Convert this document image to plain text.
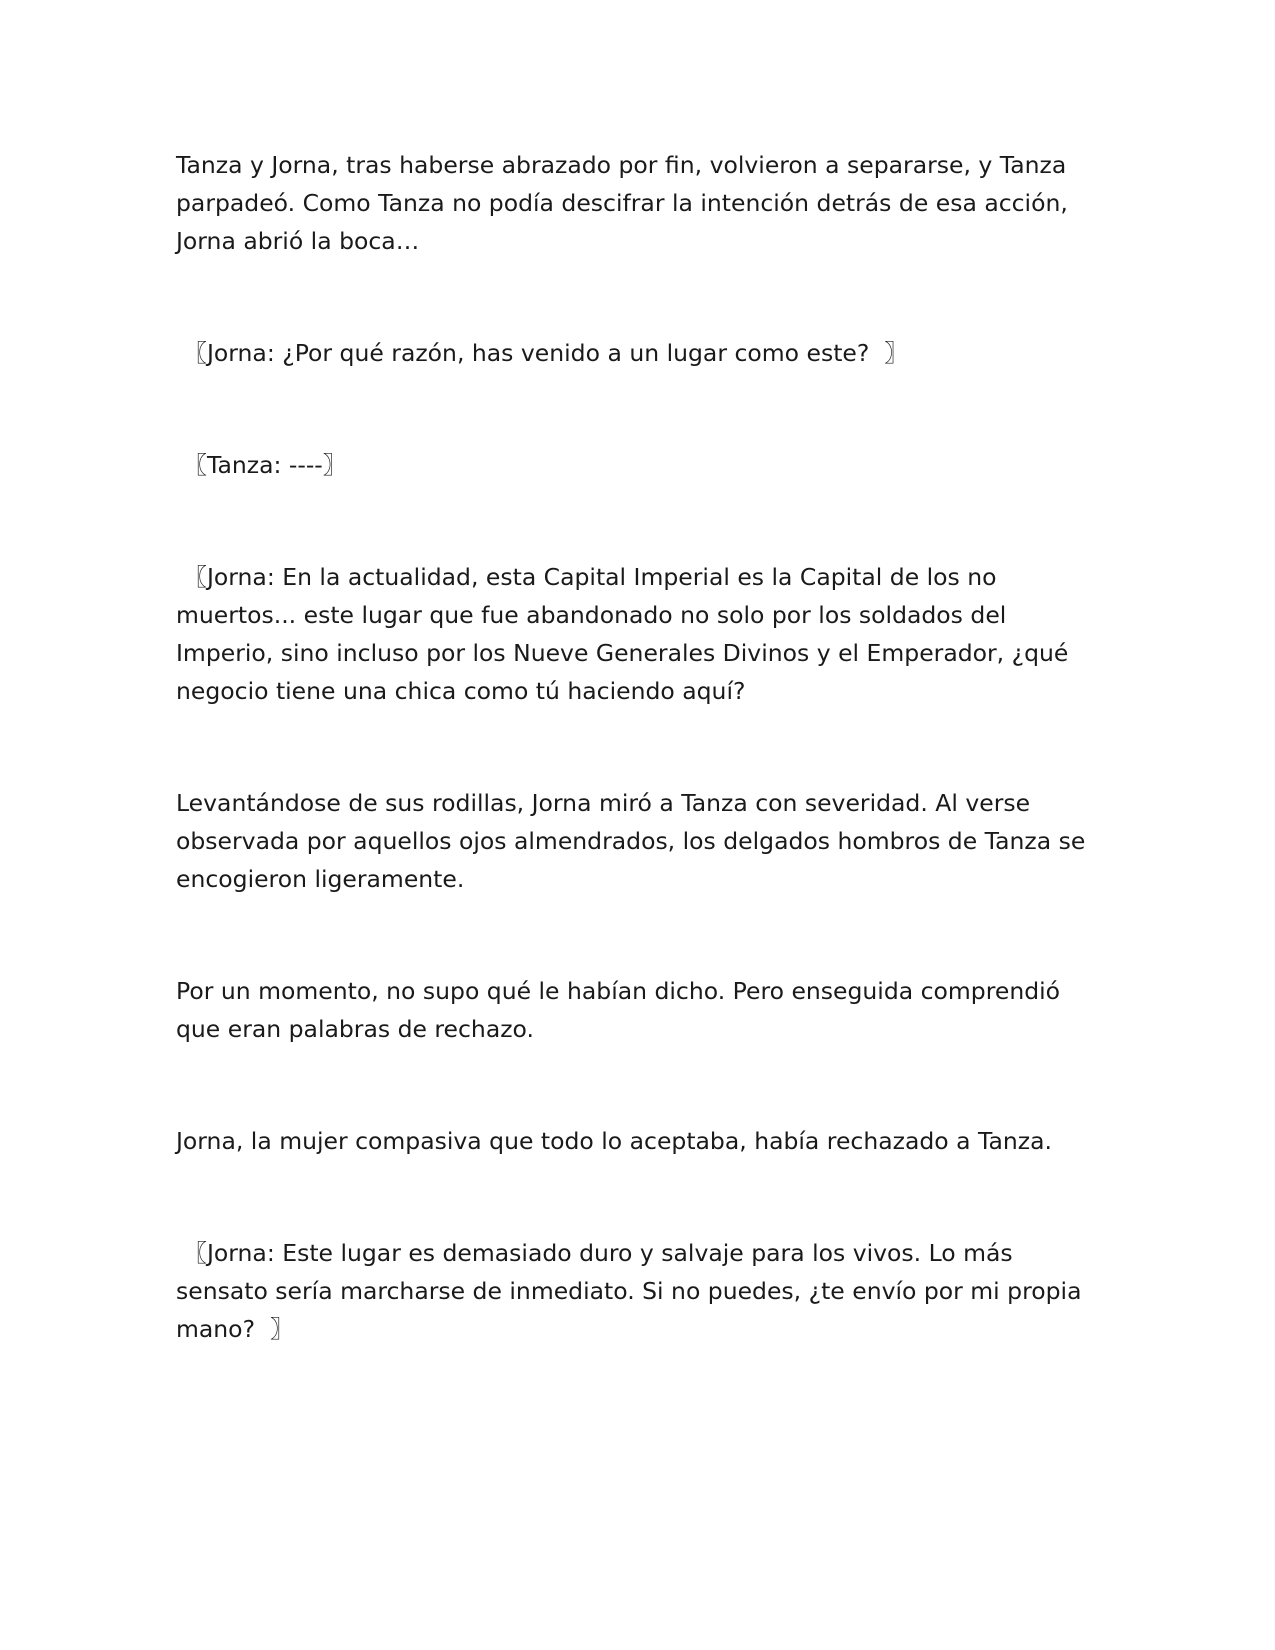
Tanza y Jorna, tras haberse abrazado por fin, volvieron a separarse, y Tanza parpadeó. Como Tanza no podía descifrar la intención detrás de esa acción, Jorna abrió la boca…

〖Jorna: ¿Por qué razón, has venido a un lugar como este?  〗

〖Tanza: ----〗

〖Jorna: En la actualidad, esta Capital Imperial es la Capital de los no muertos... este lugar que fue abandonado no solo por los soldados del Imperio, sino incluso por los Nueve Generales Divinos y el Emperador, ¿qué negocio tiene una chica como tú haciendo aquí?

Levantándose de sus rodillas, Jorna miró a Tanza con severidad. Al verse observada por aquellos ojos almendrados, los delgados hombros de Tanza se encogieron ligeramente.

Por un momento, no supo qué le habían dicho. Pero enseguida comprendió que eran palabras de rechazo.

Jorna, la mujer compasiva que todo lo aceptaba, había rechazado a Tanza.

〖Jorna: Este lugar es demasiado duro y salvaje para los vivos. Lo más sensato sería marcharse de inmediato. Si no puedes, ¿te envío por mi propia mano?  〗
